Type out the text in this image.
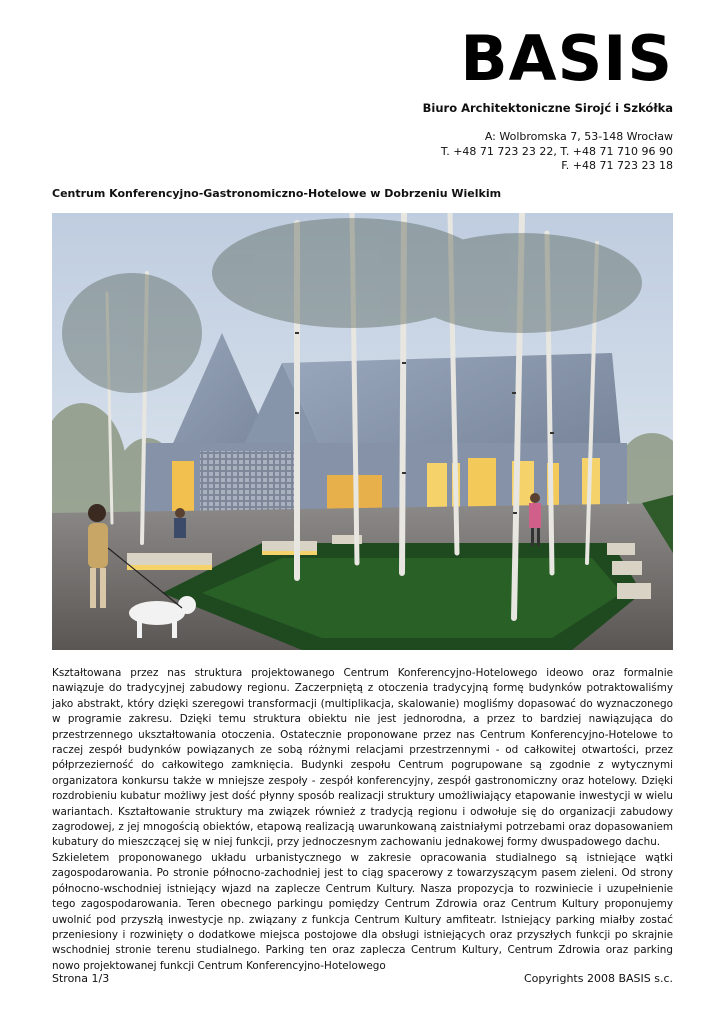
BASIS
Biuro Architektoniczne Sirojć i Szkółka
A: Wolbromska 7, 53-148 Wrocław
T. +48 71 723 23 22, T. +48 71 710 96 90
F. +48 71 723 23 18
Centrum Konferencyjno-Gastronomiczno-Hotelowe w Dobrzeniu Wielkim

Kształtowana przez nas struktura projektowanego Centrum Konferencyjno-Hotelowego ideowo oraz formalnie nawiązuje do tradycyjnej zabudowy regionu. Zaczerpniętą z otoczenia tradycyjną formę budynków potraktowaliśmy jako abstrakt, który dzięki szeregowi transformacji (multiplikacja, skalowanie) mogliśmy dopasować do wyznaczonego w programie zakresu. Dzięki temu struktura obiektu nie jest jednorodna, a przez to bardziej nawiązująca do przestrzennego ukształtowania otoczenia. Ostatecznie proponowane przez nas Centrum Konferencyjno-Hotelowe to raczej zespół budynków powiązanych ze sobą różnymi relacjami przestrzennymi - od całkowitej otwartości, przez półprzezierność do całkowitego zamknięcia. Budynki zespołu Centrum pogrupowane są zgodnie z wytycznymi organizatora konkursu także w mniejsze zespoły - zespół konferencyjny, zespół gastronomiczny oraz hotelowy. Dzięki rozdrobieniu kubatur możliwy jest dość płynny sposób realizacji struktury umożliwiający etapowanie inwestycji w wielu wariantach. Kształtowanie struktury ma związek również z tradycją regionu i odwołuje się do organizacji zabudowy zagrodowej, z jej mnogością obiektów, etapową realizacją uwarunkowaną zaistniałymi potrzebami oraz dopasowaniem kubatury do mieszczącej się w niej funkcji, przy jednoczesnym zachowaniu jednakowej formy dwuspadowego dachu.

Szkieletem proponowanego układu urbanistycznego w zakresie opracowania studialnego są istniejące wątki zagospodarowania. Po stronie północno-zachodniej jest to ciąg spacerowy z towarzyszącym pasem zieleni. Od strony północno-wschodniej istniejący wjazd na zaplecze Centrum Kultury. Nasza propozycja to rozwiniecie i uzupełnienie tego zagospodarowania. Teren obecnego parkingu pomiędzy Centrum Zdrowia oraz Centrum Kultury proponujemy uwolnić pod przyszłą inwestycje np. związany z funkcja Centrum Kultury amfiteatr. Istniejący parking miałby zostać przeniesiony i rozwinięty o dodatkowe miejsca postojowe dla obsługi istniejących oraz przyszłych funkcji po skrajnie wschodniej stronie terenu studialnego. Parking ten oraz zaplecza Centrum Kultury, Centrum Zdrowia oraz parking nowo projektowanej funkcji Centrum Konferencyjno-Hotelowego

Strona 1/3	Copyrights 2008 BASIS s.c.
